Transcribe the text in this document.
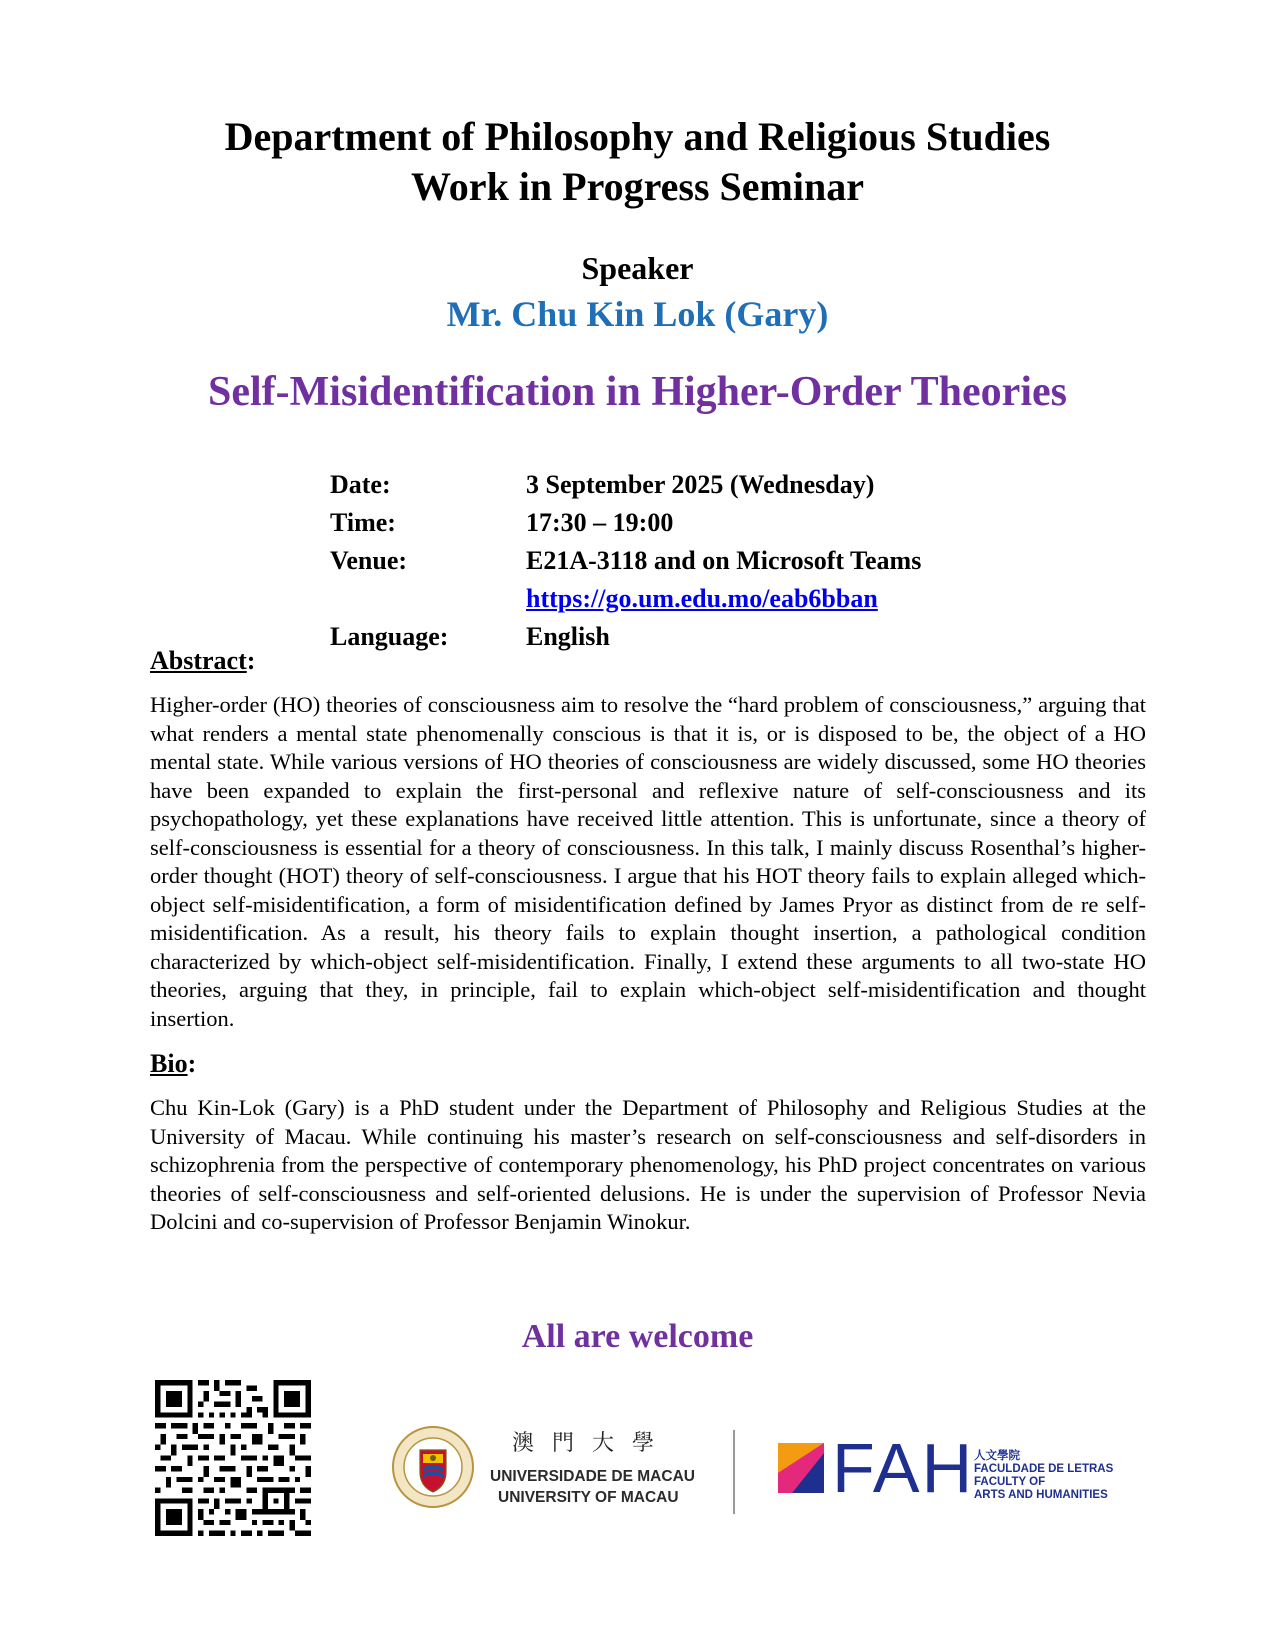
Department of Philosophy and Religious Studies
Work in Progress Seminar
Speaker
Mr. Chu Kin Lok (Gary)
Self-Misidentification in Higher-Order Theories
Date:	3 September 2025 (Wednesday)
Time:	17:30 – 19:00
Venue:	E21A-3118 and on Microsoft Teams
https://go.um.edu.mo/eab6bban
Language:	English
Abstract:

Higher-order (HO) theories of consciousness aim to resolve the “hard problem of consciousness,” arguing that what renders a mental state phenomenally conscious is that it is, or is disposed to be, the object of a HO mental state. While various versions of HO theories of consciousness are widely discussed, some HO theories have been expanded to explain the first-personal and reflexive nature of self-consciousness and its psychopathology, yet these explanations have received little attention. This is unfortunate, since a theory of self-consciousness is essential for a theory of consciousness. In this talk, I mainly discuss Rosenthal’s higher-order thought (HOT) theory of self-consciousness. I argue that his HOT theory fails to explain alleged which-object self-misidentification, a form of misidentification defined by James Pryor as distinct from de re self-misidentification. As a result, his theory fails to explain thought insertion, a pathological condition characterized by which-object self-misidentification. Finally, I extend these arguments to all two-state HO theories, arguing that they, in principle, fail to explain which-object self-misidentification and thought insertion.

Bio:

Chu Kin-Lok (Gary) is a PhD student under the Department of Philosophy and Religious Studies at the University of Macau. While continuing his master’s research on self-consciousness and self-disorders in schizophrenia from the perspective of contemporary phenomenology, his PhD project concentrates on various theories of self-consciousness and self-oriented delusions. He is under the supervision of Professor Nevia Dolcini and co-supervision of Professor Benjamin Winokur.

All are welcome
澳門大學
UNIVERSIDADE DE MACAU
UNIVERSITY OF MACAU FAH 人文學院
FACULDADE DE LETRAS
FACULTY OF
ARTS AND HUMANITIES
